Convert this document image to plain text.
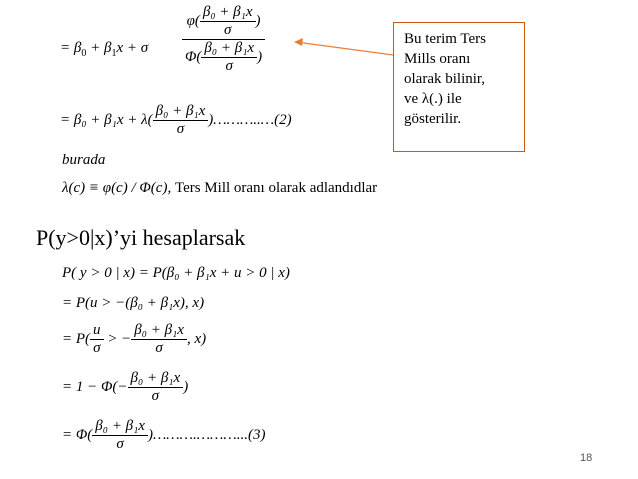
= $\beta_0 + \beta_1x + \sigma \frac{\varphi( \frac{\text{β₀ + β₁x}}{\sigma} )}{\Phi( \frac{\text{β₀ + β₁x}}{\sigma} )}$
= $\beta_0 + \beta_1x + \lambda( \frac{\text{β₀ + β₁x}}{\sigma}$ )………..…(2)
burada
λ(c) ≡ φ(c) / Φ(c), Ters Mill oranı olarak adlandıdlar
Bu terim Ters
Mills oranı
olarak bilinir,
ve λ(.) ile
gösterilir.
P(y>0|x)’yi hesaplarsak
P( y > 0 | x) = P(β₀ + β₁x + u > 0 | x)
= P(u > −(β₀ + β₁x), x)
= $P( \frac{u}{\sigma}$ > − $\frac{\text{β₀ + β₁x}}{\sigma}$ , x)
= $1 - \Phi(- \frac{\text{β₀ + β₁x}}{\sigma}$ )
= $\Phi( \frac{\text{β₀ + β₁x}}{\sigma}$ )……….………...(3)
18
